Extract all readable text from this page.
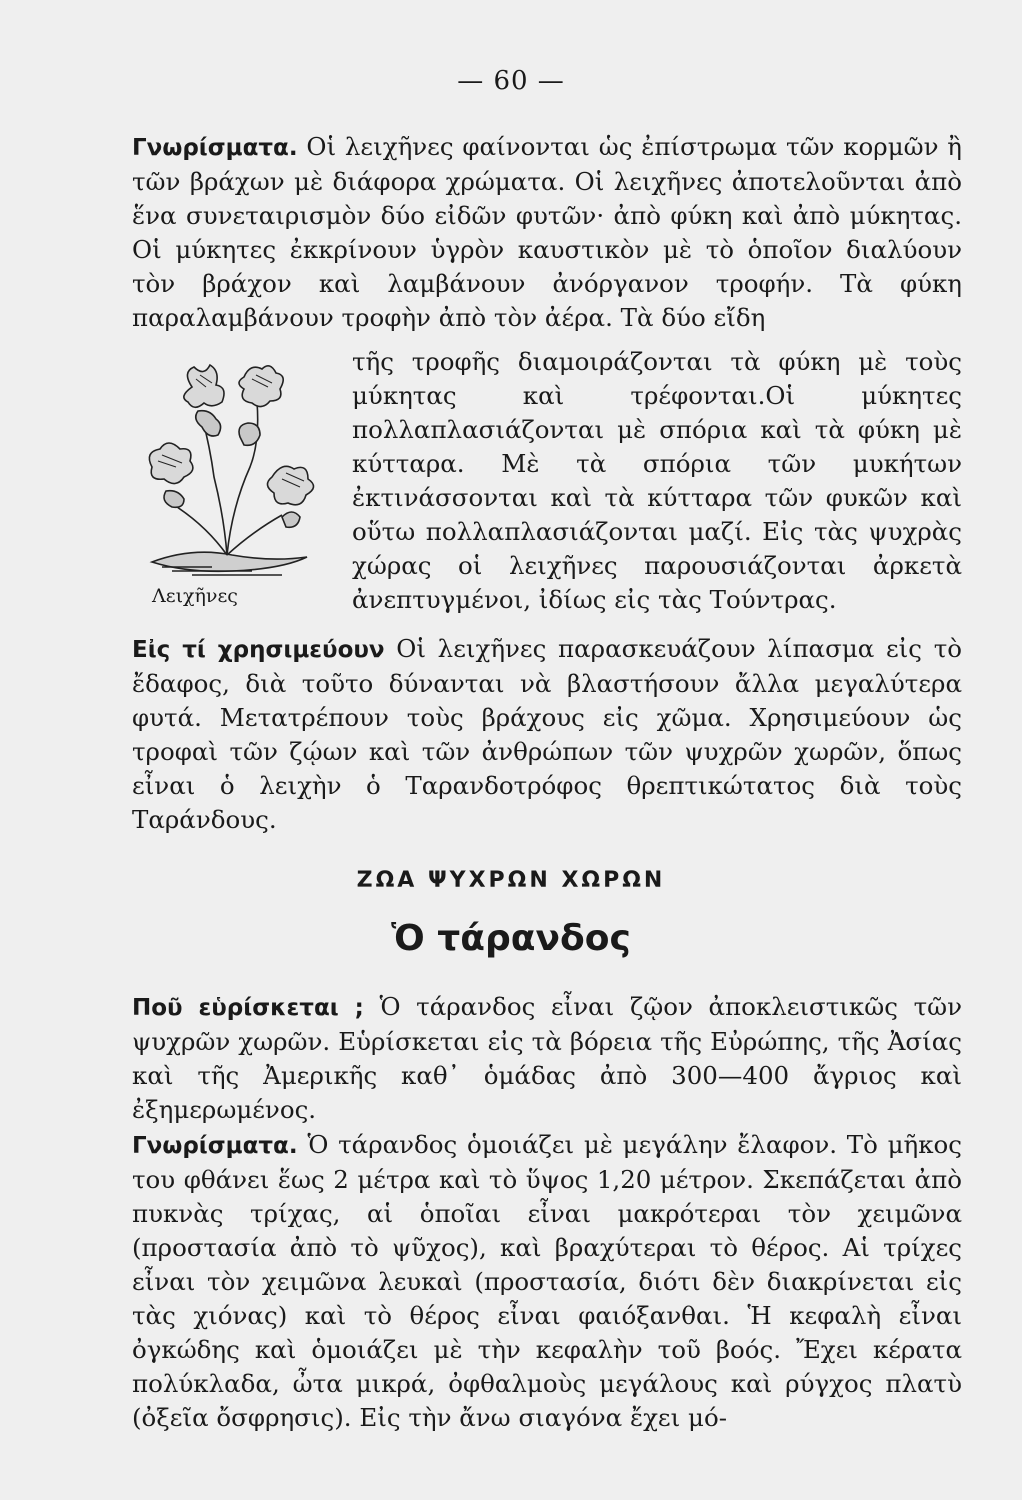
— 60 —

Γνωρίσματα. Οἱ λειχῆνες φαίνονται ὡς ἐπίστρωμα τῶν κορμῶν ἢ τῶν βράχων μὲ διάφορα χρώματα. Οἱ λειχῆνες ἀποτελοῦνται ἀπὸ ἕνα συνεταιρισμὸν δύο εἰδῶν φυτῶν· ἀπὸ φύκη καὶ ἀπὸ μύκητας. Οἱ μύκητες ἐκκρίνουν ὑγρὸν καυστικὸν μὲ τὸ ὁποῖον διαλύουν τὸν βράχον καὶ λαμβάνουν ἀνόργανον τροφήν. Τὰ φύκη παραλαμβάνουν τροφὴν ἀπὸ τὸν ἀέρα. Τὰ δύο εἴδη

Λειχῆνες
τῆς τροφῆς διαμοιράζονται τὰ φύκη μὲ τοὺς μύκητας καὶ τρέφονται.Οἱ μύκητες πολλαπλασιάζονται μὲ σπόρια καὶ τὰ φύκη μὲ κύτταρα. Μὲ τὰ σπόρια τῶν μυκήτων ἐκτινάσσονται καὶ τὰ κύτταρα τῶν φυκῶν καὶ οὕτω πολλαπλασιάζονται μαζί. Εἰς τὰς ψυχρὰς χώρας οἱ λειχῆνες παρουσιάζονται ἀρκετὰ ἀνεπτυγμένοι, ἰδίως εἰς τὰς Τούντρας.

Εἰς τί χρησιμεύουν Οἱ λειχῆνες παρασκευάζουν λίπασμα εἰς τὸ ἔδαφος, διὰ τοῦτο δύνανται νὰ βλαστήσουν ἄλλα μεγαλύτερα φυτά. Μετατρέπουν τοὺς βράχους εἰς χῶμα. Χρησιμεύουν ὡς τροφαὶ τῶν ζῴων καὶ τῶν ἀνθρώπων τῶν ψυχρῶν χωρῶν, ὅπως εἶναι ὁ λειχὴν ὁ Ταρανδοτρόφος θρεπτικώτατος διὰ τοὺς Ταράνδους.

ΖΩΑ ΨΥΧΡΩΝ ΧΩΡΩΝ
Ὁ τάρανδος

Ποῦ εὑρίσκεται ; Ὁ τάρανδος εἶναι ζῷον ἀποκλειστικῶς τῶν ψυχρῶν χωρῶν. Εὑρίσκεται εἰς τὰ βόρεια τῆς Εὐρώπης, τῆς Ἀσίας καὶ τῆς Ἀμερικῆς καθ᾽ ὁμάδας ἀπὸ 300—400 ἄγριος καὶ ἐξημερωμένος.

Γνωρίσματα. Ὁ τάρανδος ὁμοιάζει μὲ μεγάλην ἔλαφον. Τὸ μῆκος του φθάνει ἕως 2 μέτρα καὶ τὸ ὕψος 1,20 μέτρον. Σκεπάζεται ἀπὸ πυκνὰς τρίχας, αἱ ὁποῖαι εἶναι μακρότεραι τὸν χειμῶνα (προστασία ἀπὸ τὸ ψῦχος), καὶ βραχύτεραι τὸ θέρος. Αἱ τρίχες εἶναι τὸν χειμῶνα λευκαὶ (προστασία, διότι δὲν διακρίνεται εἰς τὰς χιόνας) καὶ τὸ θέρος εἶναι φαιόξανθαι. Ἡ κεφαλὴ εἶναι ὀγκώδης καὶ ὁμοιάζει μὲ τὴν κεφαλὴν τοῦ βοός. Ἔχει κέρατα πολύκλαδα, ὦτα μικρά, ὀφθαλμοὺς μεγάλους καὶ ρύγχος πλατὺ (ὀξεῖα ὄσφρησις). Εἰς τὴν ἄνω σιαγόνα ἔχει μό-
